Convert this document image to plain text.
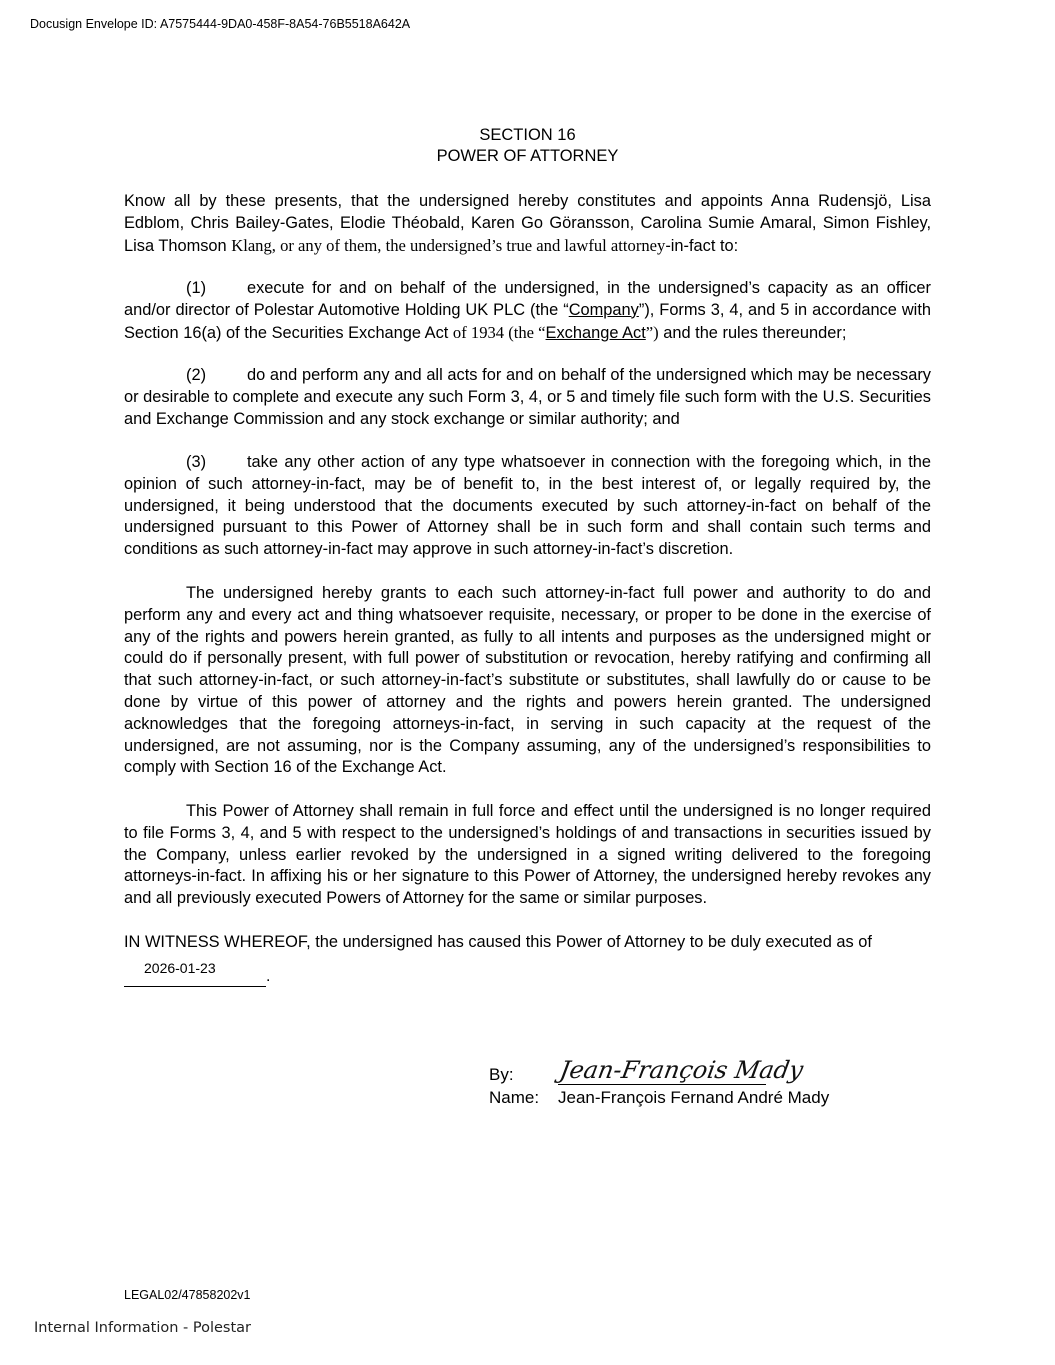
Docusign Envelope ID: A7575444-9DA0-458F-8A54-76B5518A642A
SECTION 16
POWER OF ATTORNEY

Know all by these presents, that the undersigned hereby constitutes and appoints Anna Rudensjö, Lisa Edblom, Chris Bailey-Gates, Elodie Théobald, Karen Go Göransson, Carolina Sumie Amaral, Simon Fishley, Lisa Thomson Klang, or any of them, the undersigned’s true and lawful attorney-in-fact to:

(1) execute for and on behalf of the undersigned, in the undersigned’s capacity as an officer and/or director of Polestar Automotive Holding UK PLC (the “Company”), Forms 3, 4, and 5 in accordance with Section 16(a) of the Securities Exchange Act of 1934 (the “Exchange Act”) and the rules thereunder;

(2) do and perform any and all acts for and on behalf of the undersigned which may be necessary or desirable to complete and execute any such Form 3, 4, or 5 and timely file such form with the U.S. Securities and Exchange Commission and any stock exchange or similar authority; and

(3) take any other action of any type whatsoever in connection with the foregoing which, in the opinion of such attorney-in-fact, may be of benefit to, in the best interest of, or legally required by, the undersigned, it being understood that the documents executed by such attorney-in-fact on behalf of the undersigned pursuant to this Power of Attorney shall be in such form and shall contain such terms and conditions as such attorney-in-fact may approve in such attorney-in-fact’s discretion.

The undersigned hereby grants to each such attorney-in-fact full power and authority to do and perform any and every act and thing whatsoever requisite, necessary, or proper to be done in the exercise of any of the rights and powers herein granted, as fully to all intents and purposes as the undersigned might or could do if personally present, with full power of substitution or revocation, hereby ratifying and confirming all that such attorney-in-fact, or such attorney-in-fact’s substitute or substitutes, shall lawfully do or cause to be done by virtue of this power of attorney and the rights and powers herein granted. The undersigned acknowledges that the foregoing attorneys-in-fact, in serving in such capacity at the request of the undersigned, are not assuming, nor is the Company assuming, any of the undersigned’s responsibilities to comply with Section 16 of the Exchange Act.

This Power of Attorney shall remain in full force and effect until the undersigned is no longer required to file Forms 3, 4, and 5 with respect to the undersigned’s holdings of and transactions in securities issued by the Company, unless earlier revoked by the undersigned in a signed writing delivered to the foregoing attorneys-in-fact. In affixing his or her signature to this Power of Attorney, the undersigned hereby revokes any and all previously executed Powers of Attorney for the same or similar purposes.

IN WITNESS WHEREOF, the undersigned has caused this Power of Attorney to be duly executed as of

2026-01-23	.
By: Jean-François Mady
Name: Jean-François Fernand André Mady
LEGAL02/47858202v1
Internal Information - Polestar
